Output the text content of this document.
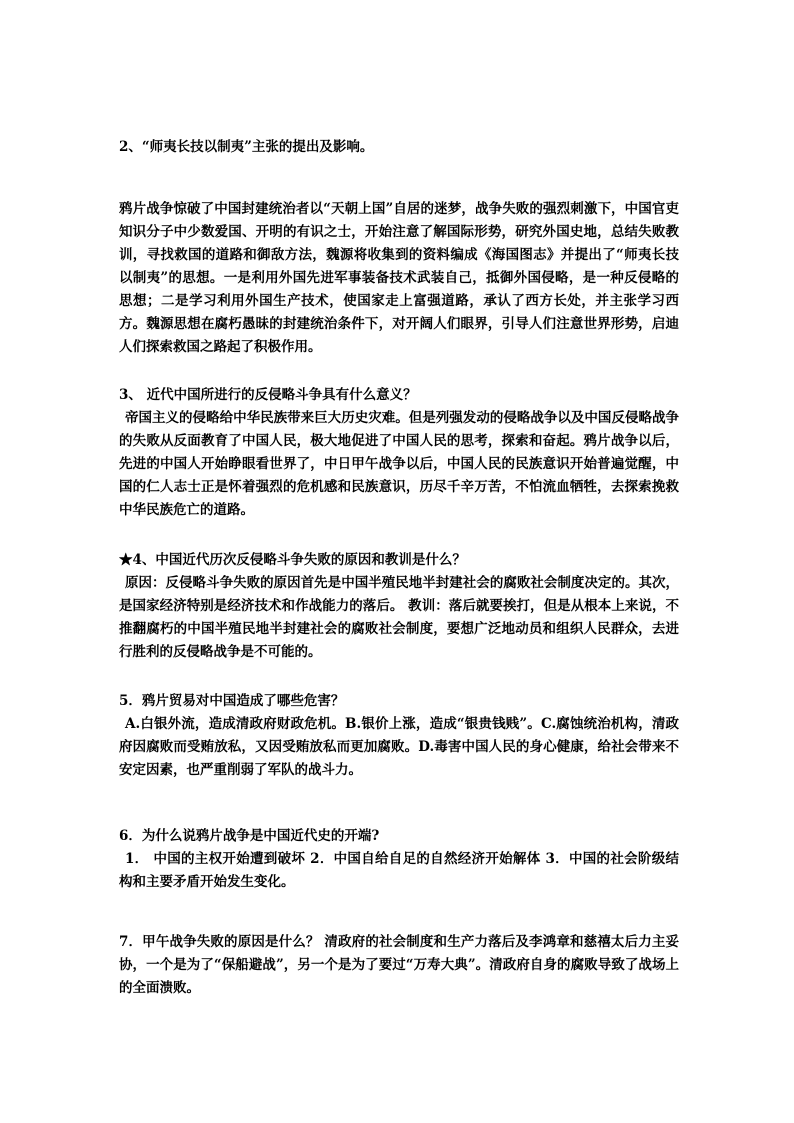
2、“师夷长技以制夷”主张的提出及影响。

鸦片战争惊破了中国封建统治者以“天朝上国”自居的迷梦，战争失败的强烈刺激下，中国官吏知识分子中少数爱国、开明的有识之士，开始注意了解国际形势，研究外国史地，总结失败教训，寻找救国的道路和御敌方法，魏源将收集到的资料编成《海国图志》并提出了“师夷长技以制夷”的思想。一是利用外国先进军事装备技术武装自己，抵御外国侵略，是一种反侵略的思想；二是学习利用外国生产技术，使国家走上富强道路，承认了西方长处，并主张学习西方。魏源思想在腐朽愚昧的封建统治条件下，对开阔人们眼界，引导人们注意世界形势，启迪人们探索救国之路起了积极作用。

3、 近代中国所进行的反侵略斗争具有什么意义？

帝国主义的侵略给中华民族带来巨大历史灾难。但是列强发动的侵略战争以及中国反侵略战争的失败从反面教育了中国人民，极大地促进了中国人民的思考，探索和奋起。鸦片战争以后，先进的中国人开始睁眼看世界了，中日甲午战争以后，中国人民的民族意识开始普遍觉醒，中国的仁人志士正是怀着强烈的危机感和民族意识，历尽千辛万苦，不怕流血牺牲，去探索挽救中华民族危亡的道路。

★4、中国近代历次反侵略斗争失败的原因和教训是什么？

原因：反侵略斗争失败的原因首先是中国半殖民地半封建社会的腐败社会制度决定的。其次，是国家经济特别是经济技术和作战能力的落后。 教训：落后就要挨打，但是从根本上来说，不推翻腐朽的中国半殖民地半封建社会的腐败社会制度，要想广泛地动员和组织人民群众，去进行胜利的反侵略战争是不可能的。

5．鸦片贸易对中国造成了哪些危害？

A.白银外流，造成清政府财政危机。B.银价上涨，造成“银贵钱贱”。C.腐蚀统治机构，清政府因腐败而受贿放私，又因受贿放私而更加腐败。D.毒害中国人民的身心健康，给社会带来不安定因素，也严重削弱了军队的战斗力。

6．为什么说鸦片战争是中国近代史的开端?

1． 中国的主权开始遭到破坏 2．中国自给自足的自然经济开始解体 3．中国的社会阶级结构和主要矛盾开始发生变化。

7．甲午战争失败的原因是什么？ 清政府的社会制度和生产力落后及李鸿章和慈禧太后力主妥协，一个是为了“保船避战”，另一个是为了要过“万寿大典”。清政府自身的腐败导致了战场上的全面溃败。
